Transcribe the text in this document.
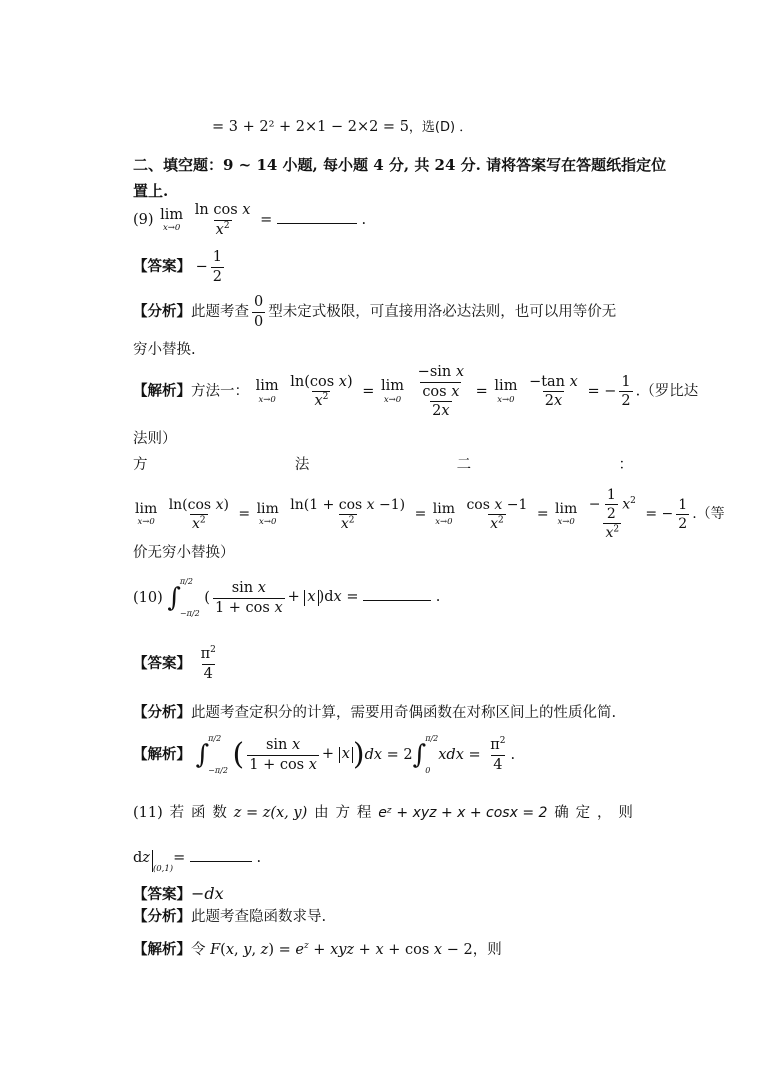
= 3 + 2² + 2×1 − 2×2 = 5，选(D) ．
二、填空题：9 ~ 14 小题, 每小题 4 分, 共 24 分. 请将答案写在答题纸指定位
置上.
(9) lim
x→0
$\frac{\text{ln cos x}}{x^2}$ =	.
【答案】 − $\frac{1}{2}$
【分析】此题考查 $\frac{0}{0}$ 型未定式极限，可直接用洛必达法则，也可以用等价无
穷小替换.
【解析】方法一： lim
x→0
$\frac{\text{ln(cos x)}}{x^2} = \lim$
x→0
$\frac{\frac{\text{−sin x}}{\text{cos x}}}{2x} = \lim$
x→0
$\frac{\text{−tan x}}{2x}$ = − $\frac{1}{2}$ .（罗比达
法则）
方	法	二	：
lim
x→0
$\frac{\text{ln(cos x)}}{x^2} = \lim$
x→0
$\frac{\text{ln(1 + cos x −1)}}{x^2} = \lim$
x→0
$\frac{\text{cos x −1}}{x^2} = \lim$
x→0
$\frac{- \frac{1}{2} x^2}{x^2}$ = − $\frac{1}{2}$ .（等
价无穷小替换）
(10) ∫
π/2
−π/2
( $\frac{\text{sin x}}{\text{1 + cos x}} + x$ )dx =	.
【答案】 $\frac{\pi^2}{4}$
【分析】此题考查定积分的计算，需要用奇偶函数在对称区间上的性质化简.
【解析】 ∫
π/2
−π/2 ( $\frac{\text{sin x}}{\text{1 + cos x}} + x$ )dx = 2∫
π/2
0
xdx = $\frac{\pi^2}{4}$ .
(11) 若 函 数 z = z(x, y) 由 方 程 eᶻ + xyz + x + cosx = 2 确 定 ， 则
$dz_{(0,1)}=$	.
【答案】−dx
【分析】此题考查隐函数求导.
【解析】令 F(x, y, $z) = e^z$ + xyz + x + cos x − 2，则
